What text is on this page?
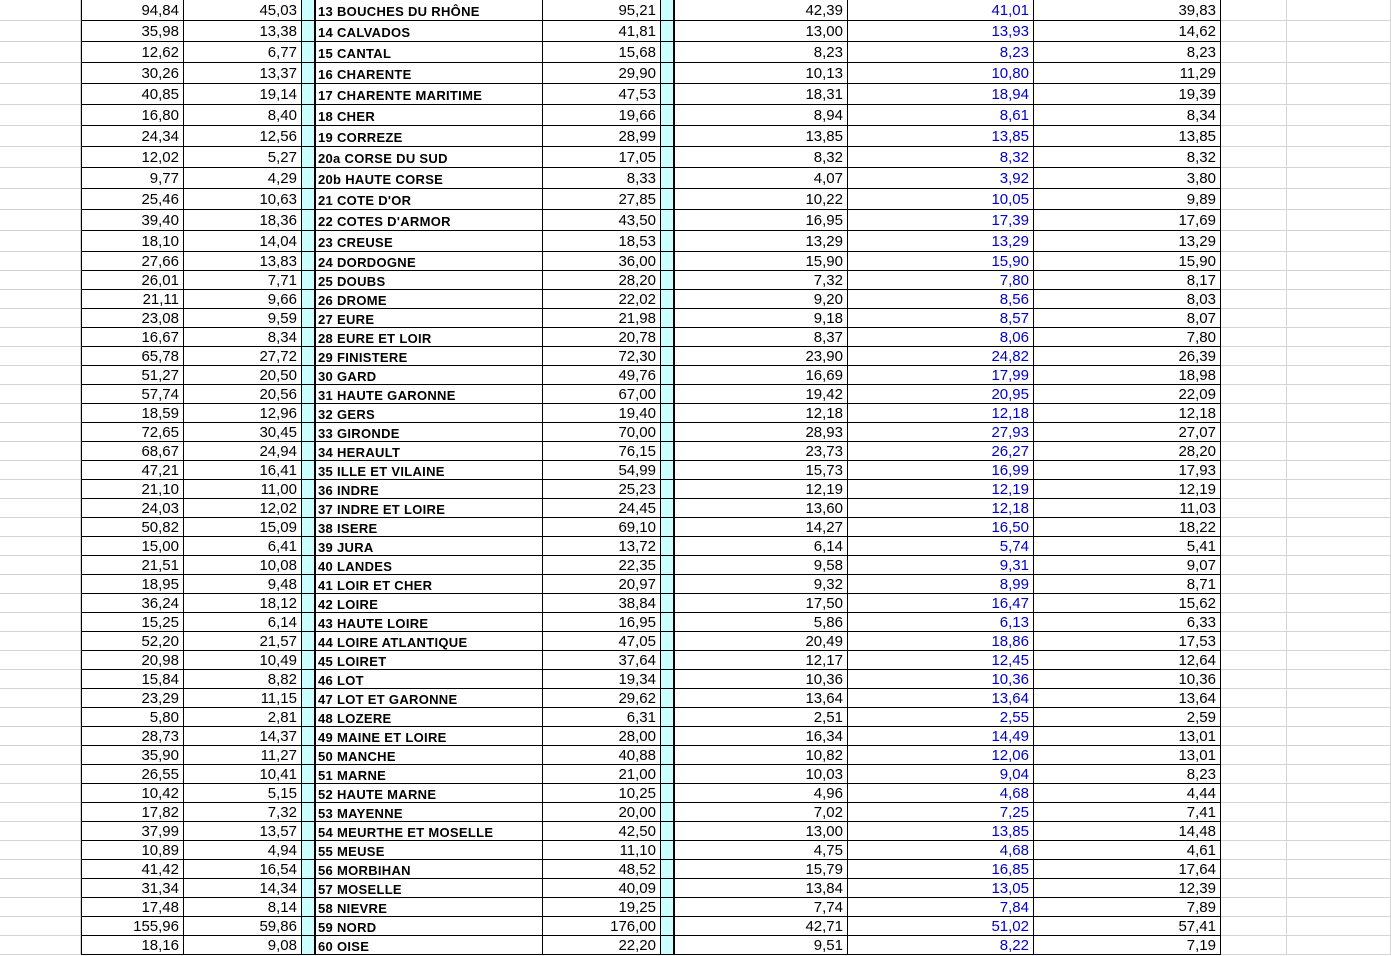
94,84	45,03	13 BOUCHES DU RHÔNE	95,21	42,39	41,01	39,83
35,98	13,38	14 CALVADOS	41,81	13,00	13,93	14,62
12,62	6,77	15 CANTAL	15,68	8,23	8,23	8,23
30,26	13,37	16 CHARENTE	29,90	10,13	10,80	11,29
40,85	19,14	17 CHARENTE MARITIME	47,53	18,31	18,94	19,39
16,80	8,40	18 CHER	19,66	8,94	8,61	8,34
24,34	12,56	19 CORREZE	28,99	13,85	13,85	13,85
12,02	5,27	20a CORSE DU SUD	17,05	8,32	8,32	8,32
9,77	4,29	20b HAUTE CORSE	8,33	4,07	3,92	3,80
25,46	10,63	21 COTE D'OR	27,85	10,22	10,05	9,89
39,40	18,36	22 COTES D'ARMOR	43,50	16,95	17,39	17,69
18,10	14,04	23 CREUSE	18,53	13,29	13,29	13,29
27,66	13,83	24 DORDOGNE	36,00	15,90	15,90	15,90
26,01	7,71	25 DOUBS	28,20	7,32	7,80	8,17
21,11	9,66	26 DROME	22,02	9,20	8,56	8,03
23,08	9,59	27 EURE	21,98	9,18	8,57	8,07
16,67	8,34	28 EURE ET LOIR	20,78	8,37	8,06	7,80
65,78	27,72	29 FINISTERE	72,30	23,90	24,82	26,39
51,27	20,50	30 GARD	49,76	16,69	17,99	18,98
57,74	20,56	31 HAUTE GARONNE	67,00	19,42	20,95	22,09
18,59	12,96	32 GERS	19,40	12,18	12,18	12,18
72,65	30,45	33 GIRONDE	70,00	28,93	27,93	27,07
68,67	24,94	34 HERAULT	76,15	23,73	26,27	28,20
47,21	16,41	35 ILLE ET VILAINE	54,99	15,73	16,99	17,93
21,10	11,00	36 INDRE	25,23	12,19	12,19	12,19
24,03	12,02	37 INDRE ET LOIRE	24,45	13,60	12,18	11,03
50,82	15,09	38 ISERE	69,10	14,27	16,50	18,22
15,00	6,41	39 JURA	13,72	6,14	5,74	5,41
21,51	10,08	40 LANDES	22,35	9,58	9,31	9,07
18,95	9,48	41 LOIR ET CHER	20,97	9,32	8,99	8,71
36,24	18,12	42 LOIRE	38,84	17,50	16,47	15,62
15,25	6,14	43 HAUTE LOIRE	16,95	5,86	6,13	6,33
52,20	21,57	44 LOIRE ATLANTIQUE	47,05	20,49	18,86	17,53
20,98	10,49	45 LOIRET	37,64	12,17	12,45	12,64
15,84	8,82	46 LOT	19,34	10,36	10,36	10,36
23,29	11,15	47 LOT ET GARONNE	29,62	13,64	13,64	13,64
5,80	2,81	48 LOZERE	6,31	2,51	2,55	2,59
28,73	14,37	49 MAINE ET LOIRE	28,00	16,34	14,49	13,01
35,90	11,27	50 MANCHE	40,88	10,82	12,06	13,01
26,55	10,41	51 MARNE	21,00	10,03	9,04	8,23
10,42	5,15	52 HAUTE MARNE	10,25	4,96	4,68	4,44
17,82	7,32	53 MAYENNE	20,00	7,02	7,25	7,41
37,99	13,57	54 MEURTHE ET MOSELLE	42,50	13,00	13,85	14,48
10,89	4,94	55 MEUSE	11,10	4,75	4,68	4,61
41,42	16,54	56 MORBIHAN	48,52	15,79	16,85	17,64
31,34	14,34	57 MOSELLE	40,09	13,84	13,05	12,39
17,48	8,14	58 NIEVRE	19,25	7,74	7,84	7,89
155,96	59,86	59 NORD	176,00	42,71	51,02	57,41
18,16	9,08	60 OISE	22,20	9,51	8,22	7,19
